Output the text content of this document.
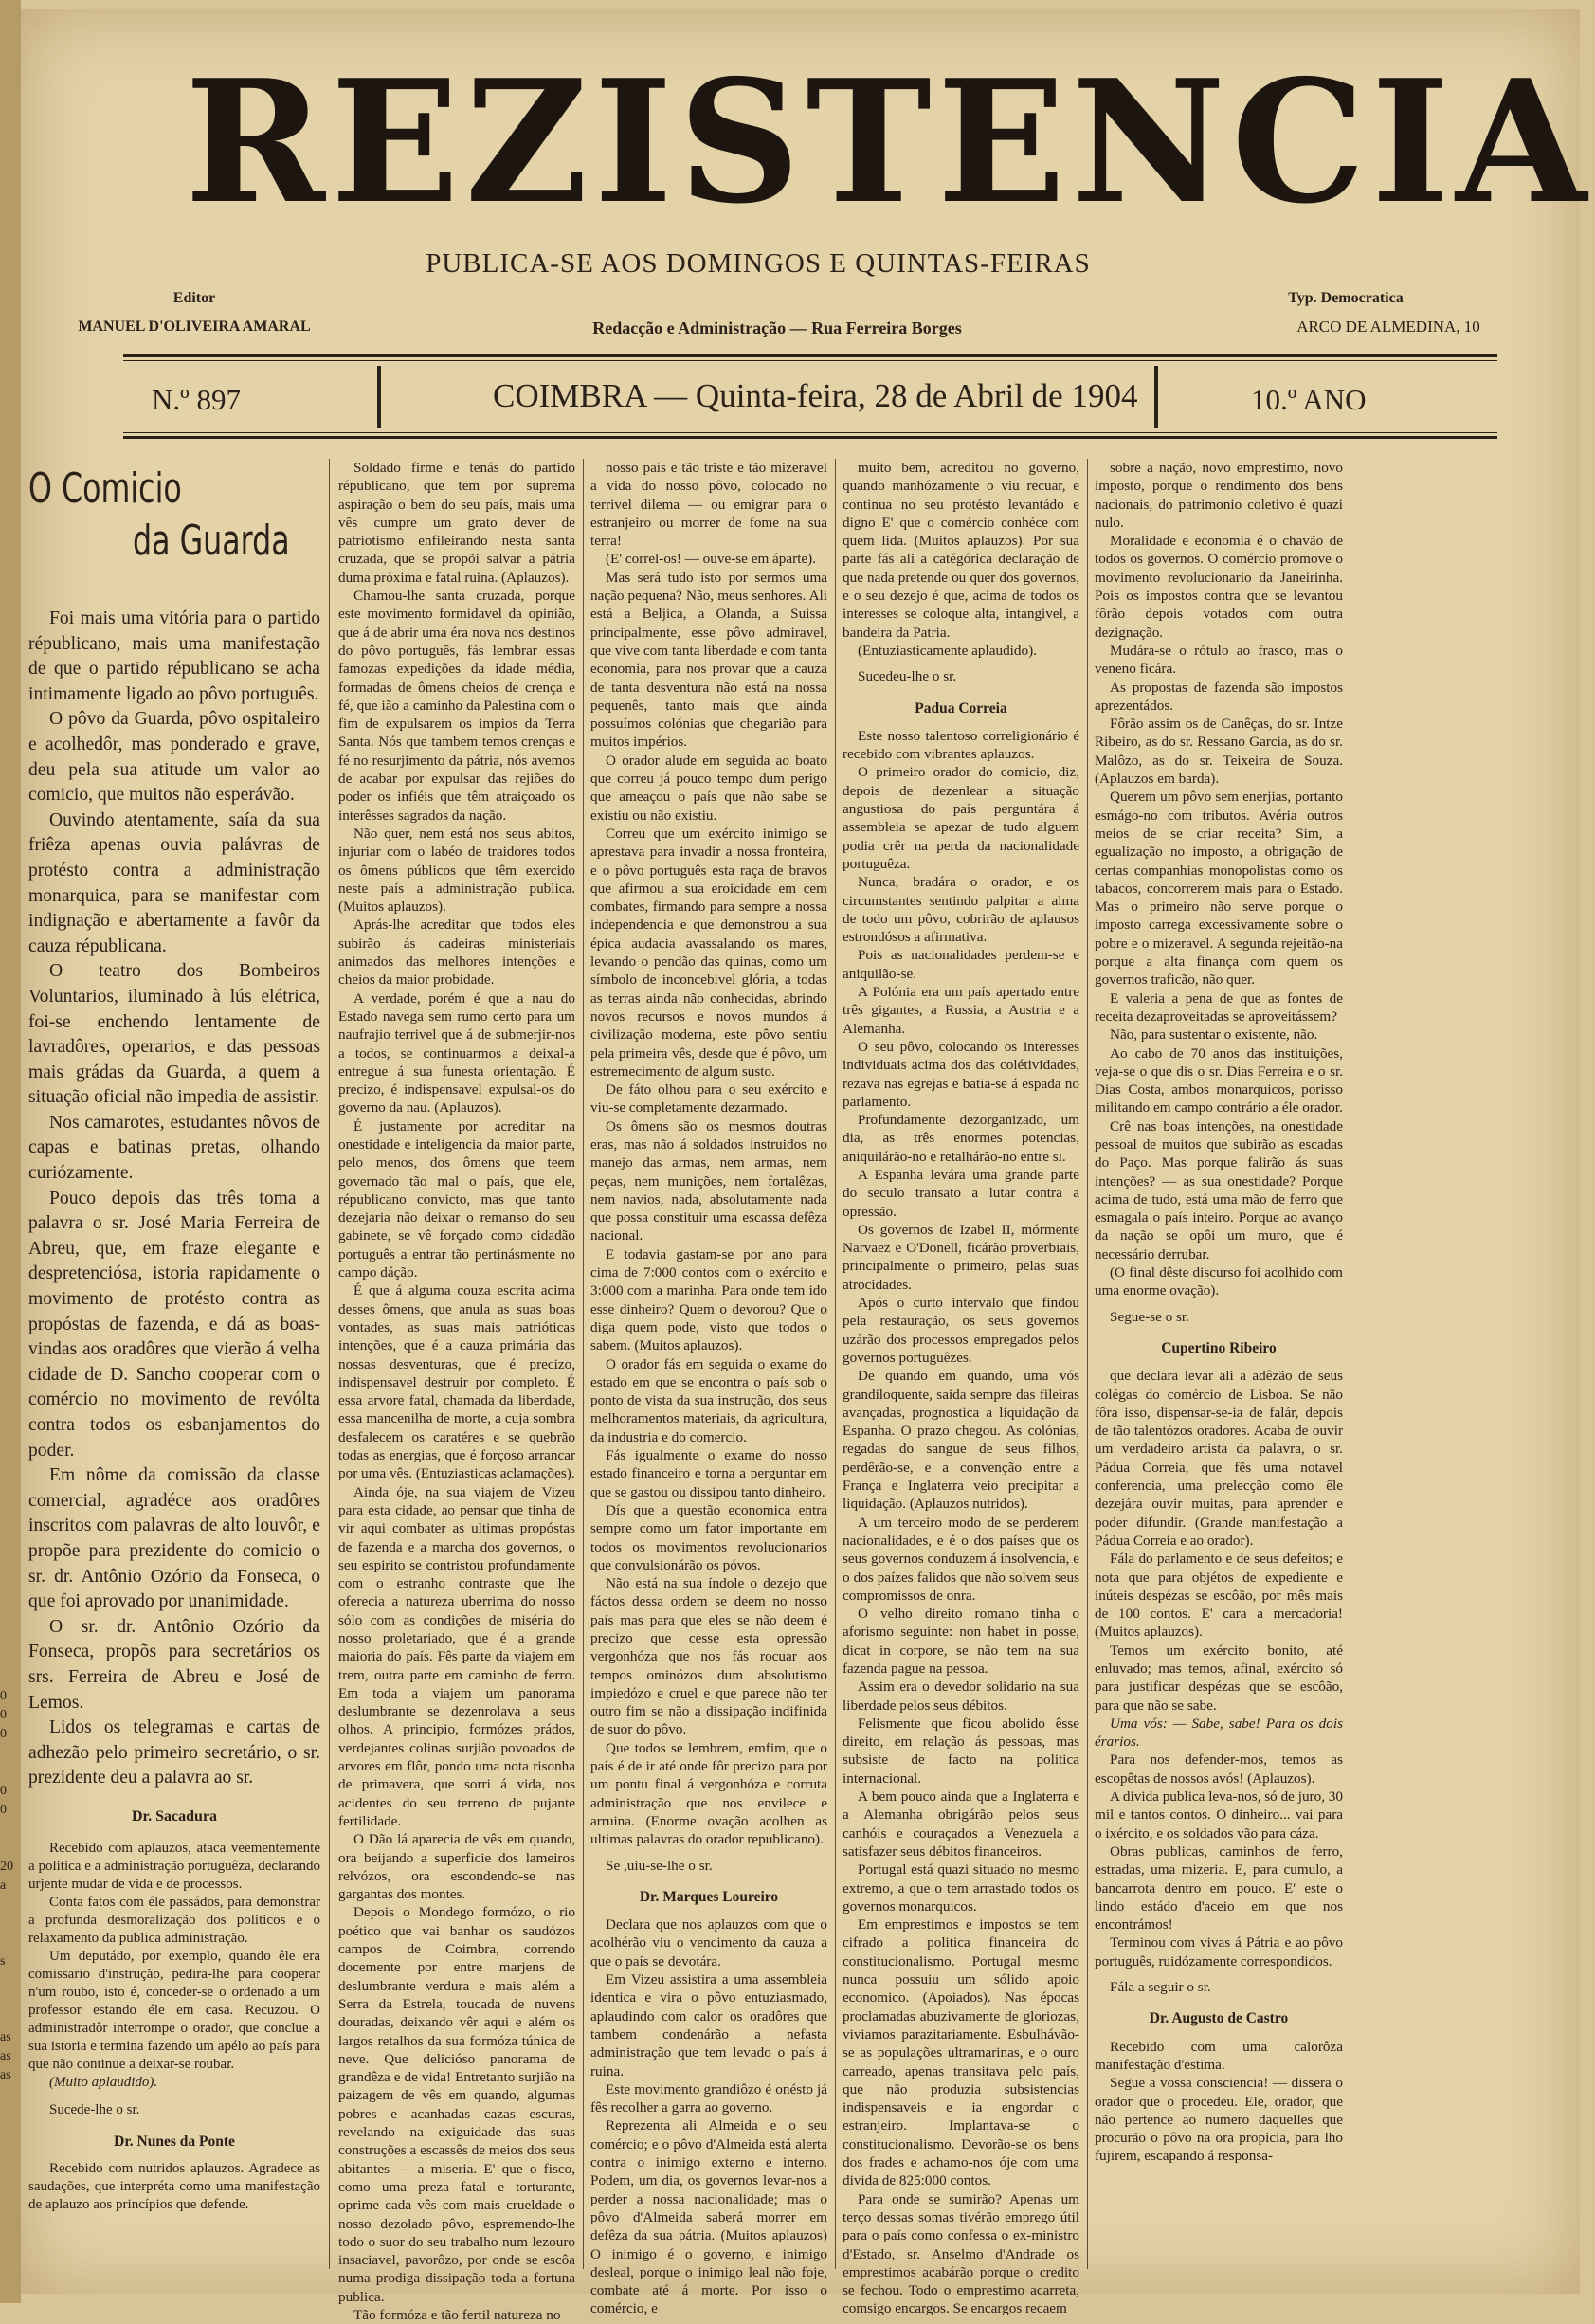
REZISTENCIA
PUBLICA-SE AOS DOMINGOS E QUINTAS-FEIRAS
Editor
MANUEL D'OLIVEIRA AMARAL	Redacção e Administração — Rua Ferreira Borges
Typ. Democratica
ARCO DE ALMEDINA, 10
N.º 897	COIMBRA — Quinta-feira, 28 de Abril de 1904	10.º ANO
O Comicio
da Guarda

Foi mais uma vitória para o partido républicano, mais uma manifestação de que o partido républicano se acha intimamente ligado ao pôvo português.

O pôvo da Guarda, pôvo ospitaleiro e acolhedôr, mas ponderado e grave, deu pela sua atitude um valor ao comicio, que muitos não esperávão.

Ouvindo atentamente, saía da sua friêza apenas ouvia palávras de protésto contra a administração monarquica, para se manifestar com indignação e abertamente a favôr da cauza républicana.

O teatro dos Bombeiros Voluntarios, iluminado à lús elétrica, foi-se enchendo lentamente de lavradôres, operarios, e das pessoas mais grádas da Guarda, a quem a situação oficial não impedia de assistir.

Nos camarotes, estudantes nôvos de capas e batinas pretas, olhando curiózamente.

Pouco depois das três toma a palavra o sr. José Maria Ferreira de Abreu, que, em fraze elegante e despretenciósa, istoria rapidamente o movimento de protésto contra as propóstas de fazenda, e dá as boas-vindas aos oradôres que vierão á velha cidade de D. Sancho cooperar com o comércio no movimento de revólta contra todos os esbanjamentos do poder.

Em nôme da comissão da classe comercial, agradéce aos oradôres inscritos com palavras de alto louvôr, e propõe para prezidente do comicio o sr. dr. Antônio Ozório da Fonseca, o que foi aprovado por unanimidade.

O sr. dr. Antônio Ozório da Fonseca, propõs para secretários os srs. Ferreira de Abreu e José de Lemos.

Lidos os telegramas e cartas de adhezão pelo primeiro secretário, o sr. prezidente deu a palavra ao sr.

Dr. Sacadura

Recebido com aplauzos, ataca veementemente a politica e a administração portuguêza, declarando urjente mudar de vida e de processos.

Conta fatos com éle passádos, para demonstrar a profunda desmoralização dos politicos e o relaxamento da publica administração.

Um deputádo, por exemplo, quando êle era comissario d'instrução, pedira-lhe para cooperar n'um roubo, isto é, conceder-se o ordenado a um professor estando éle em casa. Recuzou. O administradôr interrompe o orador, que conclue a sua istoria e termina fazendo um apélo ao país para que não continue a deixar-se roubar.

(Muito aplaudido).

Sucede-lhe o sr.

Dr. Nunes da Ponte

Recebido com nutridos aplauzos. Agradece as saudações, que interpréta como uma manifestação de aplauzo aos princípios que defende.

Soldado firme e tenás do partido républicano, que tem por suprema aspiração o bem do seu país, mais uma vês cumpre um grato dever de patriotismo enfileirando nesta santa cruzada, que se propõi salvar a pátria duma próxima e fatal ruina. (Aplauzos).

Chamou-lhe santa cruzada, porque este movimento formidavel da opinião, que á de abrir uma éra nova nos destinos do pôvo português, fás lembrar essas famozas expedições da idade média, formadas de ômens cheios de crença e fé, que ião a caminho da Palestina com o fim de expulsarem os impios da Terra Santa. Nós que tambem temos crenças e fé no resurjimento da pátria, nós avemos de acabar por expulsar das rejiões do poder os infiéis que têm atraiçoado os interêsses sagrados da nação.

Não quer, nem está nos seus abitos, injuriar com o labéo de traidores todos os ômens públicos que têm exercido neste país a administração publica. (Muitos aplauzos).

Aprás-lhe acreditar que todos eles subirão ás cadeiras ministeriais animados das melhores intenções e cheios da maior probidade.

A verdade, porém é que a nau do Estado navega sem rumo certo para um naufrajio terrivel que á de submerjir-nos a todos, se continuarmos a deixal-a entregue á sua funesta orientação. É precizo, é indispensavel expulsal-os do governo da nau. (Aplauzos).

É justamente por acreditar na onestidade e inteligencia da maior parte, pelo menos, dos ômens que teem governado tão mal o país, que ele, républicano convicto, mas que tanto dezejaria não deixar o remanso do seu gabinete, se vê forçado como cidadão português a entrar tão pertinásmente no campo dáção.

É que á alguma couza escrita acima desses ômens, que anula as suas boas vontades, as suas mais patrióticas intenções, que é a cauza primária das nossas desventuras, que é precizo, indispensavel destruir por completo. É essa arvore fatal, chamada da liberdade, essa mancenilha de morte, a cuja sombra desfalecem os caratéres e se quebrão todas as energias, que é forçoso arrancar por uma vês. (Entuziasticas aclamações).

Ainda óje, na sua viajem de Vizeu para esta cidade, ao pensar que tinha de vir aqui combater as ultimas propóstas de fazenda e a marcha dos governos, o seu espirito se contristou profundamente com o estranho contraste que lhe oferecia a natureza uberrima do nosso sólo com as condições de miséria do nosso proletariado, que é a grande maioria do país. Fês parte da viajem em trem, outra parte em caminho de ferro. Em toda a viajem um panorama deslumbrante se dezenrolava a seus olhos. A principio, formózes prádos, verdejantes colinas surjião povoados de arvores em flôr, pondo uma nota risonha de primavera, que sorri á vida, nos acidentes do seu terreno de pujante fertilidade.

O Dão lá aparecia de vês em quando, ora beijando a superficie dos lameiros relvózos, ora escondendo-se nas gargantas dos montes.

Depois o Mondego formózo, o rio poético que vai banhar os saudózos campos de Coimbra, correndo docemente por entre marjens de deslumbrante verdura e mais além a Serra da Estrela, toucada de nuvens douradas, deixando vêr aqui e além os largos retalhos da sua formóza túnica de neve. Que delicióso panorama de grandêza e de vida! Entretanto surjião na paizagem de vês em quando, algumas pobres e acanhadas cazas escuras, revelando na exiguidade das suas construções a escassês de meios dos seus abitantes — a miseria. E' que o fisco, como uma preza fatal e torturante, oprime cada vês com mais crueldade o nosso dezolado pôvo, espremendo-lhe todo o suor do seu trabalho num lezouro insaciavel, pavorôzo, por onde se escôa numa prodiga dissipação toda a fortuna publica.

Tão formóza e tão fertil natureza no

nosso país e tão triste e tão mizeravel a vida do nosso pôvo, colocado no terrivel dilema — ou emigrar para o estranjeiro ou morrer de fome na sua terra!

(E' correl-os! — ouve-se em áparte).

Mas será tudo isto por sermos uma nação pequena? Não, meus senhores. Ali está a Beljica, a Olanda, a Suissa principalmente, esse pôvo admiravel, que vive com tanta liberdade e com tanta economia, para nos provar que a cauza de tanta desventura não está na nossa pequenês, tanto mais que ainda possuímos colónias que chegarião para muitos impérios.

O orador alude em seguida ao boato que correu já pouco tempo dum perigo que ameaçou o país que não sabe se existiu ou não existiu.

Correu que um exército inimigo se aprestava para invadir a nossa fronteira, e o pôvo português esta raça de bravos que afirmou a sua eroicidade em cem combates, firmando para sempre a nossa independencia e que demonstrou a sua épica audacia avassalando os mares, levando o pendão das quinas, como um símbolo de inconcebivel glória, a todas as terras ainda não conhecidas, abrindo novos recursos e novos mundos á civilização moderna, este pôvo sentiu pela primeira vês, desde que é pôvo, um estremecimento de algum susto.

De fáto olhou para o seu exército e viu-se completamente dezarmado.

Os ômens são os mesmos doutras eras, mas não á soldados instruidos no manejo das armas, nem armas, nem peças, nem munições, nem fortalêzas, nem navios, nada, absolutamente nada que possa constituir uma escassa defêza nacional.

E todavia gastam-se por ano para cima de 7:000 contos com o exército e 3:000 com a marinha. Para onde tem ido esse dinheiro? Quem o devorou? Que o diga quem pode, visto que todos o sabem. (Muitos aplauzos).

O orador fás em seguida o exame do estado em que se encontra o país sob o ponto de vista da sua instrução, dos seus melhoramentos materiais, da agricultura, da industria e do comercio.

Fás igualmente o exame do nosso estado financeiro e torna a perguntar em que se gastou ou dissipou tanto dinheiro.

Dís que a questão economica entra sempre como um fator importante em todos os movimentos revolucionarios que convulsionárão os póvos.

Não está na sua índole o dezejo que fáctos dessa ordem se deem no nosso país mas para que eles se não deem é precizo que cesse esta opressão vergonhóza que nos fás rocuar aos tempos ominózos dum absolutismo impiedózo e cruel e que parece não ter outro fim se não a dissipação indifinida de suor do pôvo.

Que todos se lembrem, emfim, que o país é de ir até onde fôr precizo para por um pontu final á vergonhóza e corruta administração que nos envilece e arruina. (Enorme ovação acolhen as ultimas palavras do orador republicano).

Se ,uiu-se-lhe o sr.

Dr. Marques Loureiro

Declara que nos aplauzos com que o acolhérão viu o vencimento da cauza a que o país se devotára.

Em Vizeu assistira a uma assembleia identica e vira o pôvo entuziasmado, aplaudindo com calor os oradôres que tambem condenárão a nefasta administração que tem levado o país á ruina.

Este movimento grandiôzo é onésto já fês recolher a garra ao governo.

Reprezenta ali Almeida e o seu comércio; e o pôvo d'Almeida está alerta contra o inimigo externo e interno. Podem, um dia, os governos levar-nos a perder a nossa nacionalidade; mas o pôvo d'Almeida saberá morrer em defêza da sua pátria. (Muitos aplauzos) O inimigo é o governo, e inimigo desleal, porque o inimigo leal não foje, combate até á morte. Por isso o comércio, e

muito bem, acreditou no governo, quando manhózamente o viu recuar, e continua no seu protésto levantádo e digno E' que o comércio conhéce com quem lida. (Muitos aplauzos). Por sua parte fás ali a catégórica declaração de que nada pretende ou quer dos governos, e o seu dezejo é que, acima de todos os interesses se coloque alta, intangivel, a bandeira da Patria.

(Entuziasticamente aplaudido).

Sucedeu-lhe o sr.

Padua Correia

Este nosso talentoso correligionário é recebido com vibrantes aplauzos.

O primeiro orador do comicio, diz, depois de dezenlear a situação angustiosa do país perguntára á assembleia se apezar de tudo alguem podia crêr na perda da nacionalidade portuguêza.

Nunca, bradára o orador, e os circumstantes sentindo palpitar a alma de todo um pôvo, cobrirão de aplausos estrondósos a afirmativa.

Pois as nacionalidades perdem-se e aniquilão-se.

A Polónia era um país apertado entre três gigantes, a Russia, a Austria e a Alemanha.

O seu pôvo, colocando os interesses individuais acima dos das colétividades, rezava nas egrejas e batia-se á espada no parlamento.

Profundamente dezorganizado, um dia, as três enormes potencias, aniquilárão-no e retalhárão-no entre si.

A Espanha levára uma grande parte do seculo transato a lutar contra a opressão.

Os governos de Izabel II, mórmente Narvaez e O'Donell, ficárão proverbiais, principalmente o primeiro, pelas suas atrocidades.

Após o curto intervalo que findou pela restauração, os seus governos uzárão dos processos empregados pelos governos portuguêzes.

De quando em quando, uma vós grandiloquente, saida sempre das fileiras avançadas, prognostica a liquidação da Espanha. O prazo chegou. As colónias, regadas do sangue de seus filhos, perdêrão-se, e a convenção entre a França e Inglaterra veio precipitar a liquidação. (Aplauzos nutridos).

A um terceiro modo de se perderem nacionalidades, e é o dos países que os seus governos conduzem á insolvencia, e o dos paízes falidos que não solvem seus compromissos de onra.

O velho direito romano tinha o aforismo seguinte: non habet in posse, dicat in corpore, se não tem na sua fazenda pague na pessoa.

Assim era o devedor solidario na sua liberdade pelos seus débitos.

Felismente que ficou abolido êsse direito, em relação ás pessoas, mas subsiste de facto na politica internacional.

A bem pouco ainda que a Inglaterra e a Alemanha obrigárão pelos seus canhóis e couraçados a Venezuela a satisfazer seus débitos financeiros.

Portugal está quazi situado no mesmo extremo, a que o tem arrastado todos os governos monarquicos.

Em emprestimos e impostos se tem cifrado a politica financeira do constitucionalismo. Portugal mesmo nunca possuiu um sólido apoio economico. (Apoiados). Nas épocas proclamadas abuzivamente de gloriozas, viviamos parazitariamente. Esbulhávão-se as populações ultramarinas, e o ouro carreado, apenas transitava pelo país, que não produzia subsistencias indispensaveis e ia engordar o estranjeiro. Implantava-se o constitucionalismo. Devorão-se os bens dos frades e achamo-nos óje com uma divida de 825:000 contos.

Para onde se sumirão? Apenas um terço dessas somas tivérão emprego útil para o país como confessa o ex-ministro d'Estado, sr. Anselmo d'Andrade os emprestimos acabárão porque o credito se fechou. Todo o emprestimo acarreta, comsigo encargos. Se encargos recaem

sobre a nação, novo emprestimo, novo imposto, porque o rendimento dos bens nacionais, do patrimonio coletivo é quazi nulo.

Moralidade e economia é o chavão de todos os governos. O comércio promove o movimento revolucionario da Janeirinha. Pois os impostos contra que se levantou fôrão depois votados com outra dezignação.

Mudára-se o rótulo ao frasco, mas o veneno ficára.

As propostas de fazenda são impostos aprezentádos.

Fôrão assim os de Canêças, do sr. Intze Ribeiro, as do sr. Ressano Garcia, as do sr. Malôzo, as do sr. Teixeira de Souza. (Aplauzos em barda).

Querem um pôvo sem enerjias, portanto esmágo-no com tributos. Avéria outros meios de se criar receita? Sim, a egualização no imposto, a obrigação de certas companhias monopolistas como os tabacos, concorrerem mais para o Estado. Mas o primeiro não serve porque o imposto carrega excessivamente sobre o pobre e o mizeravel. A segunda rejeitão-na porque a alta finança com quem os governos traficão, não quer.

E valeria a pena de que as fontes de receita dezaproveitadas se aproveitássem?

Não, para sustentar o existente, não.

Ao cabo de 70 anos das instituições, veja-se o que dis o sr. Dias Ferreira e o sr. Dias Costa, ambos monarquicos, porisso militando em campo contrário a éle orador.

Crê nas boas intenções, na onestidade pessoal de muitos que subirão as escadas do Paço. Mas porque falirão ás suas intenções? — as sua onestidade? Porque acima de tudo, está uma mão de ferro que esmagala o país inteiro. Porque ao avanço da nação se opôi um muro, que é necessário derrubar.

(O final dêste discurso foi acolhido com uma enorme ovação).

Segue-se o sr.

Cupertino Ribeiro

que declara levar ali a adêzão de seus colégas do comércio de Lisboa. Se não fôra isso, dispensar-se-ia de falár, depois de tão talentózos oradores. Acaba de ouvir um verdadeiro artista da palavra, o sr. Pádua Correia, que fês uma notavel conferencia, uma prelecção como êle dezejára ouvir muitas, para aprender e poder difundir. (Grande manifestação a Pádua Correia e ao orador).

Fála do parlamento e de seus defeitos; e nota que para objétos de expediente e inúteis despézas se escôão, por mês mais de 100 contos. E' cara a mercadoria! (Muitos aplauzos).

Temos um exército bonito, até enluvado; mas temos, afinal, exército só para justificar despézas que se escôão, para que não se sabe.

Uma vós: — Sabe, sabe! Para os dois érarios.

Para nos defender-mos, temos as escopêtas de nossos avós! (Aplauzos).

A divida publica leva-nos, só de juro, 30 mil e tantos contos. O dinheiro... vai para o ixército, e os soldados vão para cáza.

Obras publicas, caminhos de ferro, estradas, uma mizeria. E, para cumulo, a bancarrota dentro em pouco. E' este o lindo estádo d'aceio em que nos encontrámos!

Terminou com vivas á Pátria e ao pôvo português, ruidózamente correspondidos.

Fála a seguir o sr.

Dr. Augusto de Castro

Recebido com uma calorôza manifestação d'estima.

Segue a vossa consciencia! — dissera o orador que o procedeu. Ele, orador, que não pertence ao numero daquelles que procurão o pôvo na ora propicia, para lho fujirem, escapando á responsa-

0
0
0
0
0
20
a
s
as
as
as
